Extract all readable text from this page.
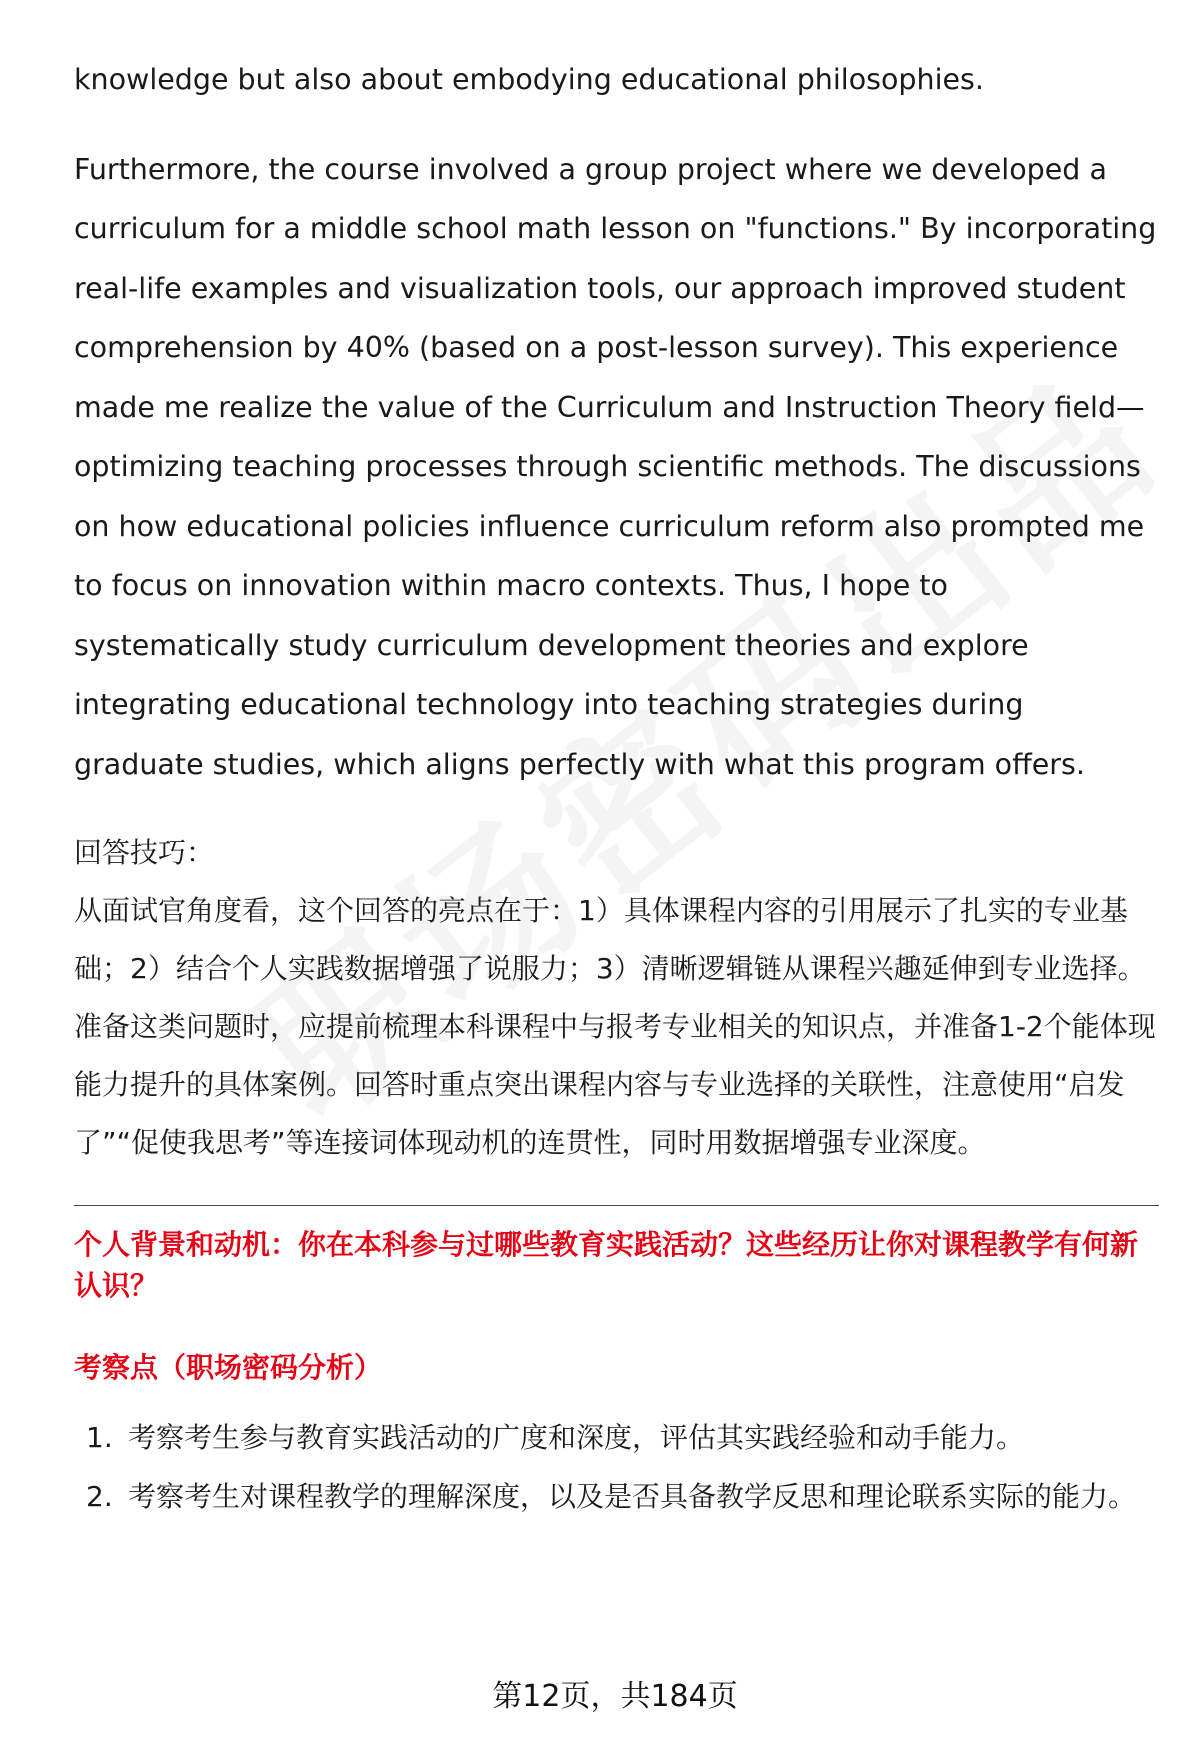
knowledge but also about embodying educational philosophies.

Furthermore, the course involved a group project where we developed a curriculum for a middle school math lesson on "functions." By incorporating real-life examples and visualization tools, our approach improved student comprehension by 40% (based on a post-lesson survey). This experience made me realize the value of the Curriculum and Instruction Theory field—optimizing teaching processes through scientific methods. The discussions on how educational policies influence curriculum reform also prompted me to focus on innovation within macro contexts. Thus, I hope to systematically study curriculum development theories and explore integrating educational technology into teaching strategies during graduate studies, which aligns perfectly with what this program offers.

回答技巧：

从面试官角度看，这个回答的亮点在于：1）具体课程内容的引用展示了扎实的专业基础；2）结合个人实践数据增强了说服力；3）清晰逻辑链从课程兴趣延伸到专业选择。准备这类问题时，应提前梳理本科课程中与报考专业相关的知识点，并准备1-2个能体现能力提升的具体案例。回答时重点突出课程内容与专业选择的关联性，注意使用“启发了”“促使我思考”等连接词体现动机的连贯性，同时用数据增强专业深度。

个人背景和动机：你在本科参与过哪些教育实践活动？这些经历让你对课程教学有何新认识？

考察点（职场密码分析）

1. 考察考生参与教育实践活动的广度和深度，评估其实践经验和动手能力。
2. 考察考生对课程教学的理解深度，以及是否具备教学反思和理论联系实际的能力。
第12页，共184页
